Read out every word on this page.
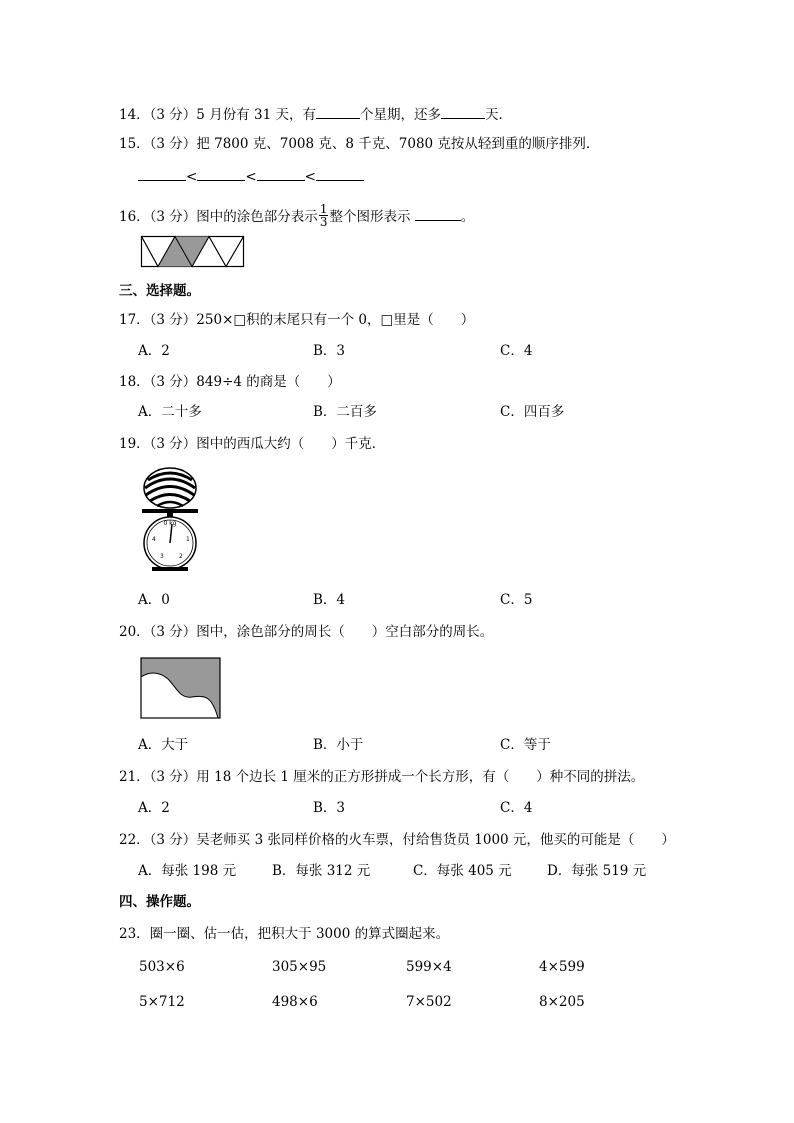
14．（3 分）5 月份有 31 天，有	个星期，还多	天．
15．（3 分）把 7800 克、7008 克、8 千克、7080 克按从轻到重的顺序排列．
<	<	<
16．（3 分）图中的涂色部分表示 $\frac{1}{3}$ 整个图形表示	。
三、选择题。
17．（3 分）250×□积的末尾只有一个 0，□里是（　　）
A．2	B．3	C．4
18．（3 分）849÷4 的商是（　　）
A．二十多	B．二百多	C．四百多
19．（3 分）图中的西瓜大约（　　）千克．
0 kg
4	1
3	2
A．0	B．4	C．5
20．（3 分）图中，涂色部分的周长（　　）空白部分的周长。
A．大于	B．小于	C．等于
21．（3 分）用 18 个边长 1 厘米的正方形拼成一个长方形，有（　　）种不同的拼法。
A．2	B．3	C．4
22．（3 分）吴老师买 3 张同样价格的火车票，付给售货员 1000 元，他买的可能是（　　）
A．每张 198 元	B．每张 312 元	C．每张 405 元	D．每张 519 元
四、操作题。
23．圈一圈、估一估，把积大于 3000 的算式圈起来。
503×6	305×95	599×4	4×599
5×712	498×6	7×502	8×205
